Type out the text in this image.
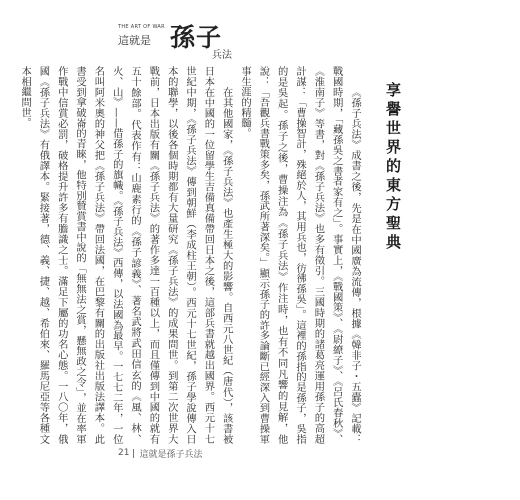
THE ART OF WAR
這就是 孫子
兵法
享譽世界的東方聖典

《孫子兵法》成書之後，先是在中國廣為流傳，根據《韓非子・五蠹》記載：戰國時期，「藏孫吳之書者家有之」。事實上，《戰國策》、《尉繚子》、《呂氏春秋》、《淮南子》等書，對《孫子兵法》也多有徵引。三國時期的諸葛亮運用孫子的高超計謀：「曹操智計，殊絕於人，其用兵也，彷彿孫吳」。這裡的孫指的是孫子，吳指的是吳起。孫子之後，曹操注為《孫子兵法》作注時，也有不同凡響的見解，他說：「吾觀兵書戰策多矣，孫武所著深矣。」顯示孫子的許多論斷已經深入到曹操軍事生涯的精髓。

在其他國家，《孫子兵法》也產生極大的影響。自西元八世紀（唐代），該書被日本在中國的一位留學生吉備真備帶回日本之後，這部兵書就越出國界。西元十七世紀中期，《孫子兵法》傳到朝鮮（李成柱王朝）。西元十七世紀，孫子學說傳入日本的聯學，以後各個時期都有大量研究《孫子兵法》的成果問世。到第二次世界大戰前，日本出版有關《孫子兵法》的著作多達一百種以上，而且僅傳到中國的就有五十餘部。代表作有：山鹿素行的《孫子諺義》、著名武將武田信玄的《風、林、火、山》——借孫子的旗幟。《孫子兵法》西傳，以法國為最早。一七七二年，一位名叫阿米奧的神父把《孫子兵法》帶回法國，在巴黎有關的出版社出版法譯本。此書受到拿破崙的青睞，他特別贊賞書中說的「無無法之賞，懸無政之令」，並在率軍作戰中信賞必罰，破格提升許多有膽識之士。滿足下屬的功名心態。一八〇年，俄國《孫子兵法》有俄譯本。緊接著，德、義、捷、越、希伯來、羅馬尼亞等各種文本相繼問世。

21 這就是孫子兵法
